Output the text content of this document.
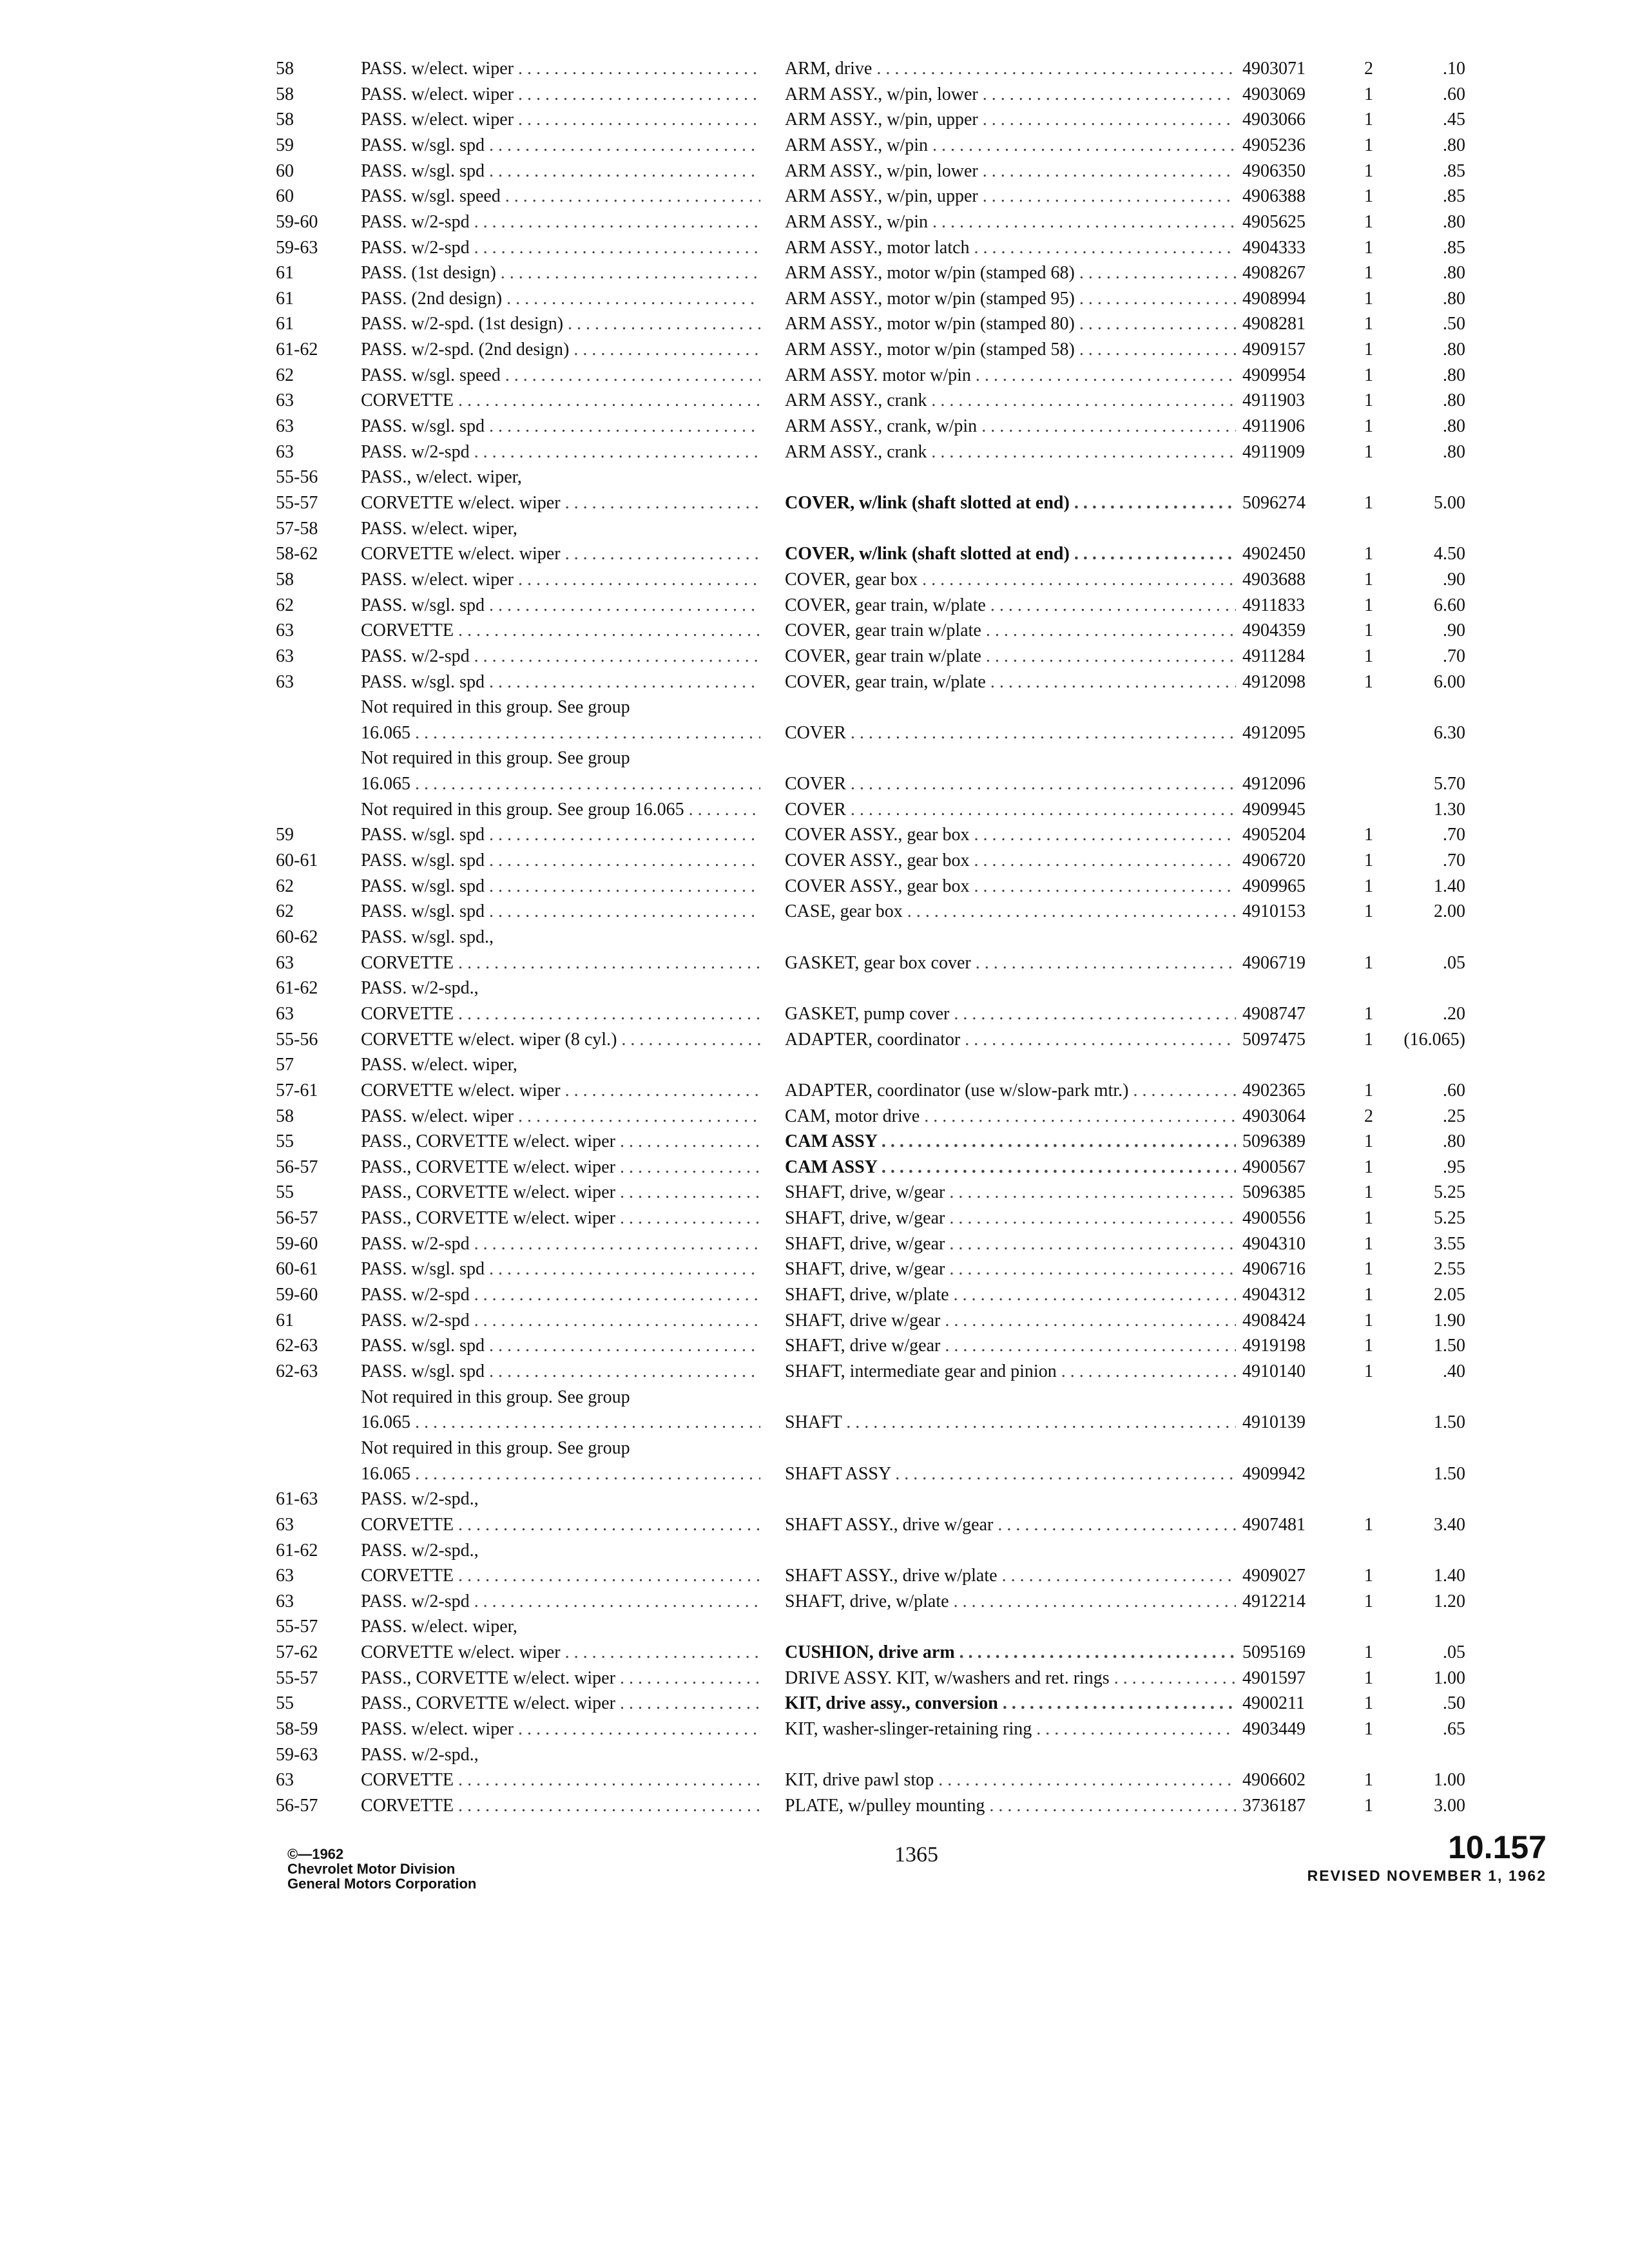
58	PASS. w/elect. wiper . . .	ARM, drive . . .	4903071	2	.10
58	PASS. w/elect. wiper . . .	ARM ASSY., w/pin, lower . . .	4903069	1	.60
58	PASS. w/elect. wiper . . .	ARM ASSY., w/pin, upper . . .	4903066	1	.45
59	PASS. w/sgl. spd . . .	ARM ASSY., w/pin . . .	4905236	1	.80
60	PASS. w/sgl. spd . . .	ARM ASSY., w/pin, lower . . .	4906350	1	.85
60	PASS. w/sgl. speed . . .	ARM ASSY., w/pin, upper . . .	4906388	1	.85
59-60	PASS. w/2-spd . . .	ARM ASSY., w/pin . . .	4905625	1	.80
59-63	PASS. w/2-spd . . .	ARM ASSY., motor latch . . .	4904333	1	.85
61	PASS. (1st design) . . .	ARM ASSY., motor w/pin (stamped 68) . . .	4908267	1	.80
61	PASS. (2nd design) . . .	ARM ASSY., motor w/pin (stamped 95) . . .	4908994	1	.80
61	PASS. w/2-spd. (1st design) . . .	ARM ASSY., motor w/pin (stamped 80) . . .	4908281	1	.50
61-62	PASS. w/2-spd. (2nd design) . . .	ARM ASSY., motor w/pin (stamped 58) . . .	4909157	1	.80
62	PASS. w/sgl. speed . . .	ARM ASSY. motor w/pin . . .	4909954	1	.80
63	CORVETTE . . .	ARM ASSY., crank . . .	4911903	1	.80
63	PASS. w/sgl. spd . . .	ARM ASSY., crank, w/pin . . .	4911906	1	.80
63	PASS. w/2-spd . . .	ARM ASSY., crank . . .	4911909	1	.80
55-56	PASS., w/elect. wiper,
55-57	CORVETTE w/elect. wiper . . .	COVER, w/link (shaft slotted at end) . . .	5096274	1	5.00
57-58	PASS. w/elect. wiper,
58-62	CORVETTE w/elect. wiper . . .	COVER, w/link (shaft slotted at end) . . .	4902450	1	4.50
58	PASS. w/elect. wiper . . .	COVER, gear box . . .	4903688	1	.90
62	PASS. w/sgl. spd . . .	COVER, gear train, w/plate . . .	4911833	1	6.60
63	CORVETTE . . .	COVER, gear train w/plate . . .	4904359	1	.90
63	PASS. w/2-spd . . .	COVER, gear train w/plate . . .	4911284	1	.70
63	PASS. w/sgl. spd . . .	COVER, gear train, w/plate . . .	4912098	1	6.00
Not required in this group. See group
16.065 . . .	COVER . . .	4912095	6.30
Not required in this group. See group
16.065 . . .	COVER . . .	4912096	5.70
Not required in this group. See group 16.065 . . .	COVER . . .	4909945	1.30
59	PASS. w/sgl. spd . . .	COVER ASSY., gear box . . .	4905204	1	.70
60-61	PASS. w/sgl. spd . . .	COVER ASSY., gear box . . .	4906720	1	.70
62	PASS. w/sgl. spd . . .	COVER ASSY., gear box . . .	4909965	1	1.40
62	PASS. w/sgl. spd . . .	CASE, gear box . . .	4910153	1	2.00
60-62	PASS. w/sgl. spd.,
63	CORVETTE . . .	GASKET, gear box cover . . .	4906719	1	.05
61-62	PASS. w/2-spd.,
63	CORVETTE . . .	GASKET, pump cover . . .	4908747	1	.20
55-56	CORVETTE w/elect. wiper (8 cyl.) . . .	ADAPTER, coordinator . . .	5097475	1	(16.065)
57	PASS. w/elect. wiper,
57-61	CORVETTE w/elect. wiper . . .	ADAPTER, coordinator (use w/slow-park mtr.) . . .	4902365	1	.60
58	PASS. w/elect. wiper . . .	CAM, motor drive . . .	4903064	2	.25
55	PASS., CORVETTE w/elect. wiper . . .	CAM ASSY . . .	5096389	1	.80
56-57	PASS., CORVETTE w/elect. wiper . . .	CAM ASSY . . .	4900567	1	.95
55	PASS., CORVETTE w/elect. wiper . . .	SHAFT, drive, w/gear . . .	5096385	1	5.25
56-57	PASS., CORVETTE w/elect. wiper . . .	SHAFT, drive, w/gear . . .	4900556	1	5.25
59-60	PASS. w/2-spd . . .	SHAFT, drive, w/gear . . .	4904310	1	3.55
60-61	PASS. w/sgl. spd . . .	SHAFT, drive, w/gear . . .	4906716	1	2.55
59-60	PASS. w/2-spd . . .	SHAFT, drive, w/plate . . .	4904312	1	2.05
61	PASS. w/2-spd . . .	SHAFT, drive w/gear . . .	4908424	1	1.90
62-63	PASS. w/sgl. spd . . .	SHAFT, drive w/gear . . .	4919198	1	1.50
62-63	PASS. w/sgl. spd . . .	SHAFT, intermediate gear and pinion . . .	4910140	1	.40
Not required in this group. See group
16.065 . . .	SHAFT . . .	4910139	1.50
Not required in this group. See group
16.065 . . .	SHAFT ASSY . . .	4909942	1.50
61-63	PASS. w/2-spd.,
63	CORVETTE . . .	SHAFT ASSY., drive w/gear . . .	4907481	1	3.40
61-62	PASS. w/2-spd.,
63	CORVETTE . . .	SHAFT ASSY., drive w/plate . . .	4909027	1	1.40
63	PASS. w/2-spd . . .	SHAFT, drive, w/plate . . .	4912214	1	1.20
55-57	PASS. w/elect. wiper,
57-62	CORVETTE w/elect. wiper . . .	CUSHION, drive arm . . .	5095169	1	.05
55-57	PASS., CORVETTE w/elect. wiper . . .	DRIVE ASSY. KIT, w/washers and ret. rings . . .	4901597	1	1.00
55	PASS., CORVETTE w/elect. wiper . . .	KIT, drive assy., conversion . . .	4900211	1	.50
58-59	PASS. w/elect. wiper . . .	KIT, washer-slinger-retaining ring . . .	4903449	1	.65
59-63	PASS. w/2-spd.,
63	CORVETTE . . .	KIT, drive pawl stop . . .	4906602	1	1.00
56-57	CORVETTE . . .	PLATE, w/pulley mounting . . .	3736187	1	3.00
©—1962
Chevrolet Motor Division
General Motors Corporation
1365	10.157
REVISED NOVEMBER 1, 1962
